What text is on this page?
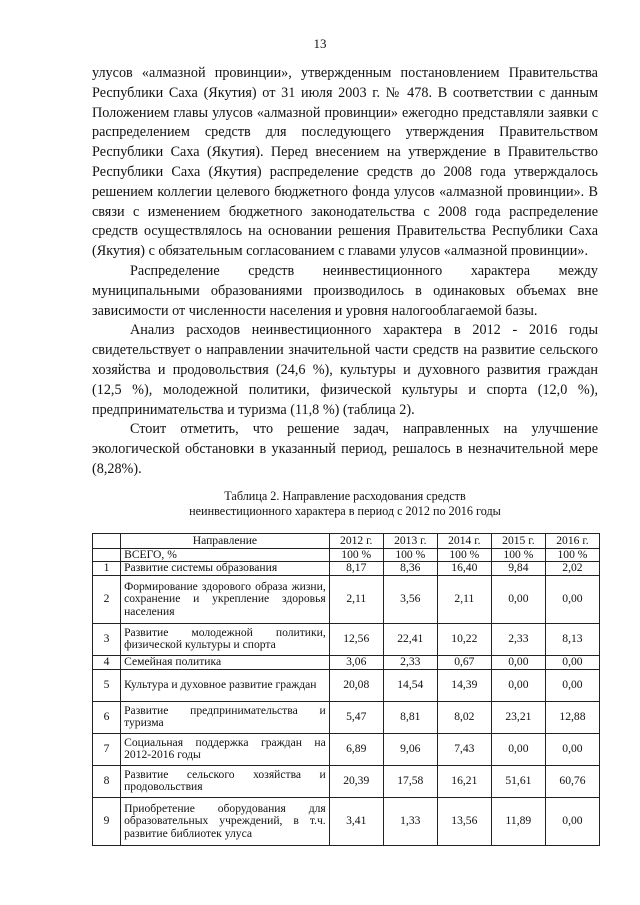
13

улусов «алмазной провинции», утвержденным постановлением Правительства Республики Саха (Якутия) от 31 июля 2003 г. № 478. В соответствии с данным Положением главы улусов «алмазной провинции» ежегодно представляли заявки с распределением средств для последующего утверждения Правительством Республики Саха (Якутия). Перед внесением на утверждение в Правительство Республики Саха (Якутия) распределение средств до 2008 года утверждалось решением коллегии целевого бюджетного фонда улусов «алмазной провинции». В связи с изменением бюджетного законодательства с 2008 года распределение средств осуществлялось на основании решения Правительства Республики Саха (Якутия) с обязательным согласованием с главами улусов «алмазной провинции».

Распределение средств неинвестиционного характера между муниципальными образованиями производилось в одинаковых объемах вне зависимости от численности населения и уровня налогооблагаемой базы.

Анализ расходов неинвестиционного характера в 2012 - 2016 годы свидетельствует о направлении значительной части средств на развитие сельского хозяйства и продовольствия (24,6 %), культуры и духовного развития граждан (12,5 %), молодежной политики, физической культуры и спорта (12,0 %), предпринимательства и туризма (11,8 %) (таблица 2).

Стоит отметить, что решение задач, направленных на улучшение экологической обстановки в указанный период, решалось в незначительной мере (8,28%).

Таблица 2. Направление расходования средств
неинвестиционного характера в период с 2012 по 2016 годы
	Направление	2012 г.	2013 г.	2014 г.	2015 г.	2016 г.
	ВСЕГО, %	100 %	100 %	100 %	100 %	100 %
1	Развитие системы образования	8,17	8,36	16,40	9,84	2,02
2	Формирование здорового образа жизни, сохранение и укрепление здоровья населения	2,11	3,56	2,11	0,00	0,00
3	Развитие молодежной политики, физической культуры и спорта	12,56	22,41	10,22	2,33	8,13
4	Семейная политика	3,06	2,33	0,67	0,00	0,00
5	Культура и духовное развитие граждан	20,08	14,54	14,39	0,00	0,00
6	Развитие предпринимательства и туризма	5,47	8,81	8,02	23,21	12,88
7	Социальная поддержка граждан на 2012-2016 годы	6,89	9,06	7,43	0,00	0,00
8	Развитие сельского хозяйства и продовольствия	20,39	17,58	16,21	51,61	60,76
9	Приобретение оборудования для образовательных учреждений, в т.ч. развитие библиотек улуса	3,41	1,33	13,56	11,89	0,00
